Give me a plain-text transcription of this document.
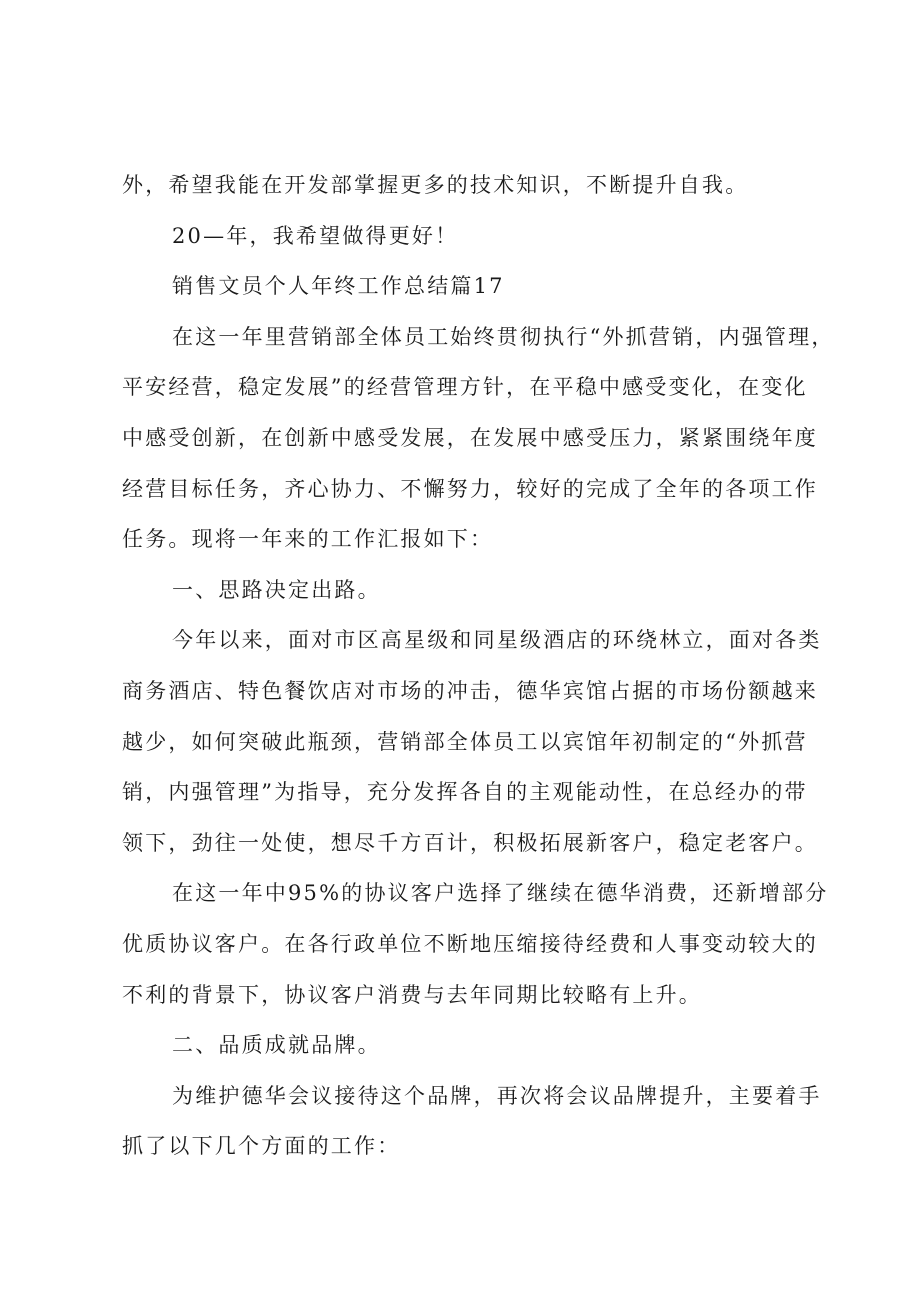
外，希望我能在开发部掌握更多的技术知识，不断提升自我。

20—年，我希望做得更好！

销售文员个人年终工作总结篇17

在这一年里营销部全体员工始终贯彻执行“外抓营销，内强管理，

平安经营，稳定发展”的经营管理方针，在平稳中感受变化，在变化

中感受创新，在创新中感受发展，在发展中感受压力，紧紧围绕年度

经营目标任务，齐心协力、不懈努力，较好的完成了全年的各项工作

任务。现将一年来的工作汇报如下：

一、思路决定出路。

今年以来，面对市区高星级和同星级酒店的环绕林立，面对各类

商务酒店、特色餐饮店对市场的冲击，德华宾馆占据的市场份额越来

越少，如何突破此瓶颈，营销部全体员工以宾馆年初制定的“外抓营

销，内强管理”为指导，充分发挥各自的主观能动性，在总经办的带

领下，劲往一处使，想尽千方百计，积极拓展新客户，稳定老客户。

在这一年中95%的协议客户选择了继续在德华消费，还新增部分

优质协议客户。在各行政单位不断地压缩接待经费和人事变动较大的

不利的背景下，协议客户消费与去年同期比较略有上升。

二、品质成就品牌。

为维护德华会议接待这个品牌，再次将会议品牌提升，主要着手

抓了以下几个方面的工作：
